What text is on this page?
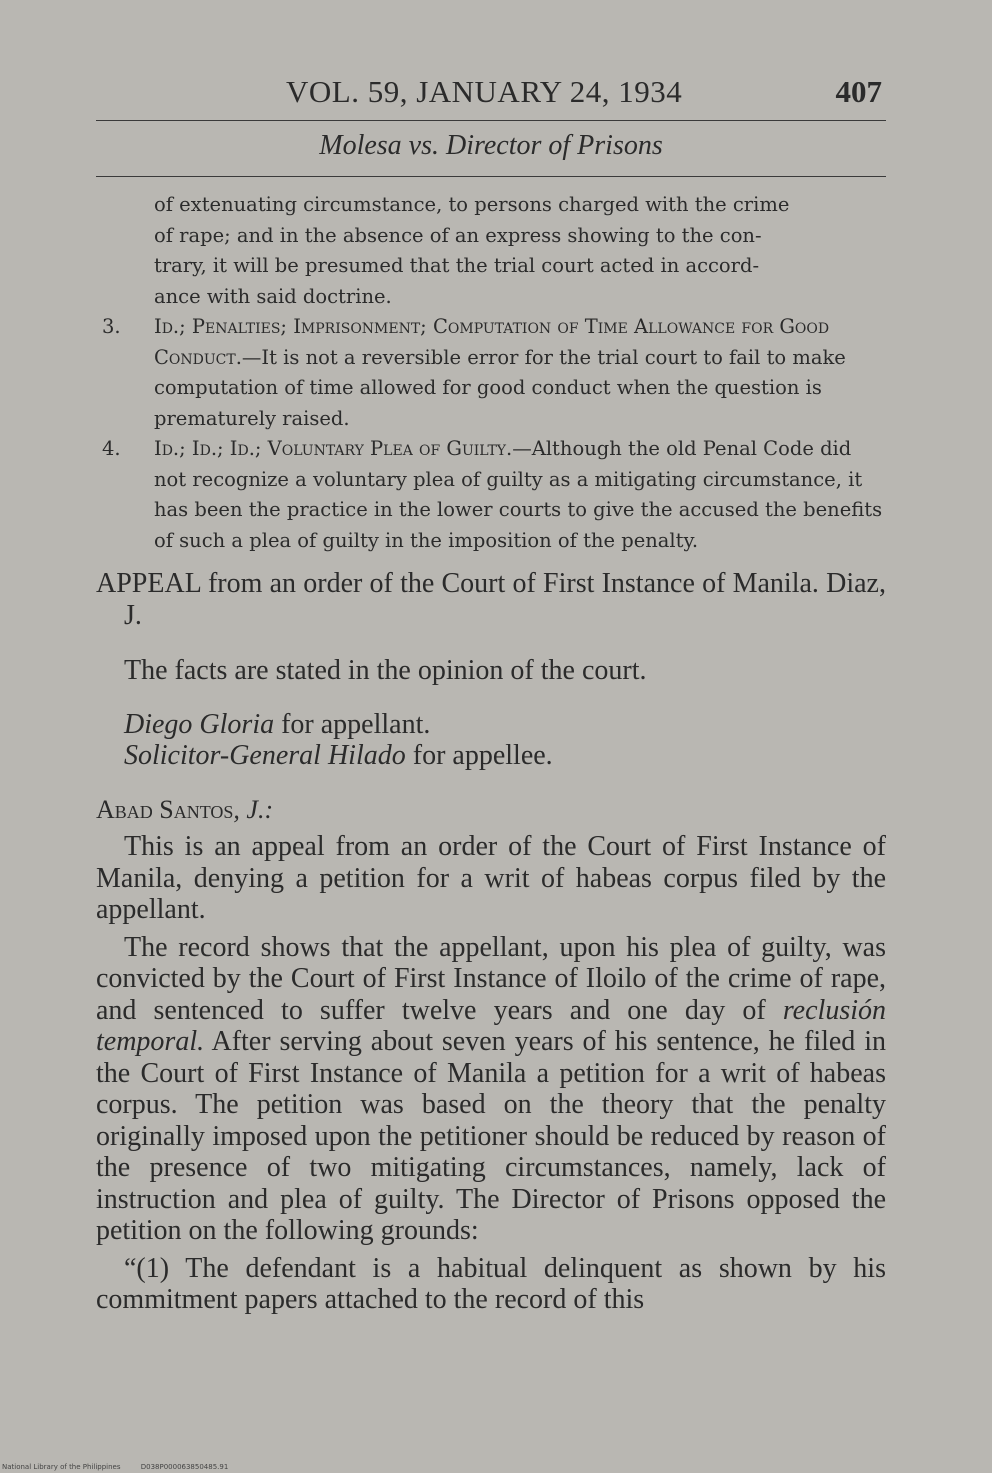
VOL. 59, JANUARY 24, 1934	407
Molesa vs. Director of Prisons

of extenuating circumstance, to persons charged with the crime

of rape; and in the absence of an express showing to the con-

trary, it will be presumed that the trial court acted in accord-

ance with said doctrine.

3. Id.; Penalties; Imprisonment; Computation of Time Allowance for Good Conduct.—It is not a reversible error for the trial court to fail to make computation of time allowed for good conduct when the question is prematurely raised.

4. Id.; Id.; Id.; Voluntary Plea of Guilty.—Although the old Penal Code did not recognize a voluntary plea of guilty as a mitigating circumstance, it has been the practice in the lower courts to give the accused the benefits of such a plea of guilty in the imposition of the penalty.

APPEAL from an order of the Court of First Instance of Manila. Diaz, J.

The facts are stated in the opinion of the court.

Diego Gloria for appellant.

Solicitor-General Hilado for appellee.

Abad Santos, J.:

This is an appeal from an order of the Court of First Instance of Manila, denying a petition for a writ of habeas corpus filed by the appellant.

The record shows that the appellant, upon his plea of guilty, was convicted by the Court of First Instance of Iloilo of the crime of rape, and sentenced to suffer twelve years and one day of reclusión temporal. After serving about seven years of his sentence, he filed in the Court of First Instance of Manila a petition for a writ of habeas corpus. The petition was based on the theory that the penalty originally imposed upon the petitioner should be reduced by reason of the presence of two mitigating circumstances, namely, lack of instruction and plea of guilty. The Director of Prisons opposed the petition on the following grounds:

“(1) The defendant is a habitual delinquent as shown by his commitment papers attached to the record of this

National Library of the Philippines	D038P000063850485.91
